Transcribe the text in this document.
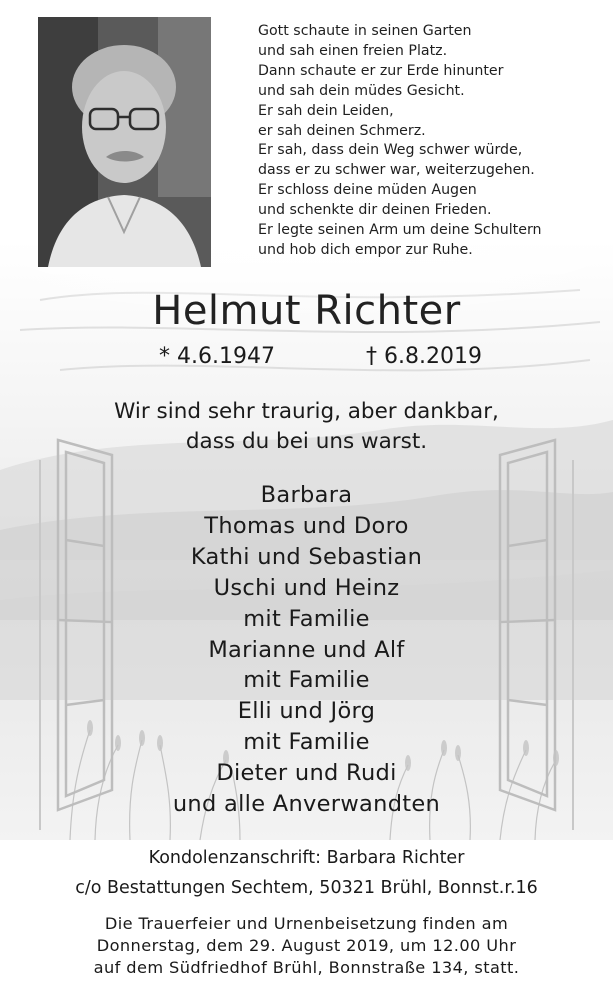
Gott schaute in seinen Garten
und sah einen freien Platz.
Dann schaute er zur Erde hinunter
und sah dein müdes Gesicht.
Er sah dein Leiden,
er sah deinen Schmerz.
Er sah, dass dein Weg schwer würde,
dass er zu schwer war, weiterzugehen.
Er schloss deine müden Augen
und schenkte dir deinen Frieden.
Er legte seinen Arm um deine Schultern
und hob dich empor zur Ruhe.
Helmut Richter
* 4.6.1947	† 6.8.2019
Wir sind sehr traurig, aber dankbar,
dass du bei uns warst.
Barbara
Thomas und Doro
Kathi und Sebastian
Uschi und Heinz
mit Familie
Marianne und Alf
mit Familie
Elli und Jörg
mit Familie
Dieter und Rudi
und alle Anverwandten
Kondolenzanschrift: Barbara Richter
c/o Bestattungen Sechtem, 50321 Brühl, Bonnst.r.16
Die Trauerfeier und Urnenbeisetzung finden am
Donnerstag, dem 29. August 2019, um 12.00 Uhr
auf dem Südfriedhof Brühl, Bonnstraße 134, statt.
